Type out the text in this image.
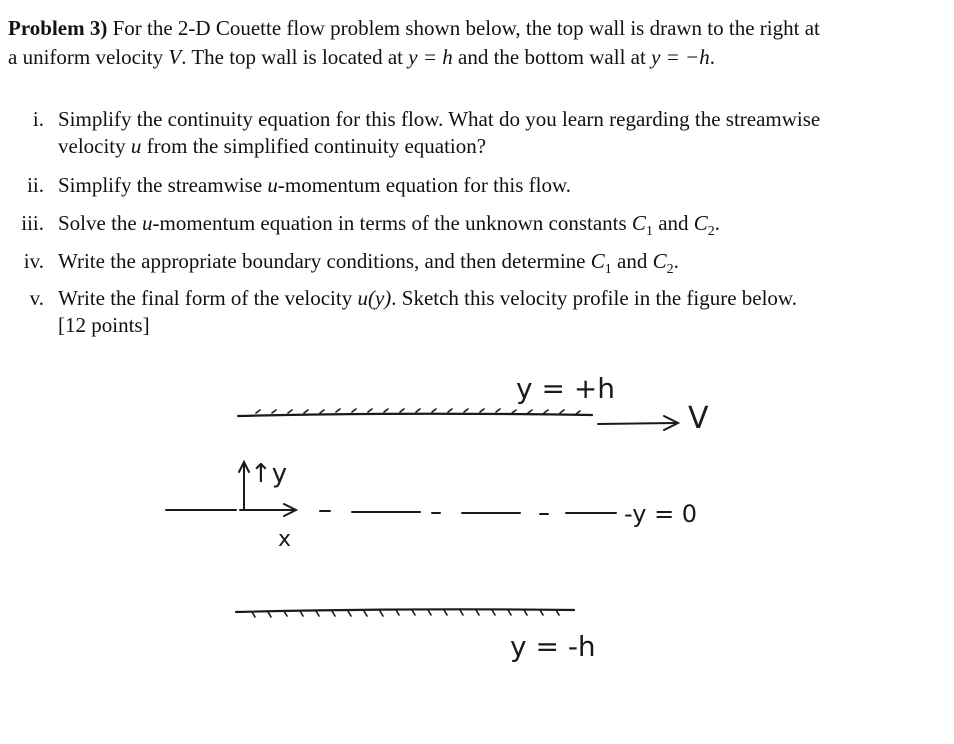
Problem 3) For the 2-D Couette flow problem shown below, the top wall is drawn to the right at
a uniform velocity V. The top wall is located at y = h and the bottom wall at y = −h.
i. Simplify the continuity equation for this flow. What do you learn regarding the streamwise
velocity u from the simplified continuity equation?
ii. Simplify the streamwise u-momentum equation for this flow.
iii. Solve the u-momentum equation in terms of the unknown constants $C_1$ and $C_2$.
iv. Write the appropriate boundary conditions, and then determine $C_1$ and $C_2$.
v. Write the final form of the velocity u(y). Sketch this velocity profile in the figure below.
[12 points]
y = +h
V
↑y
x
-y = 0
y = -h
